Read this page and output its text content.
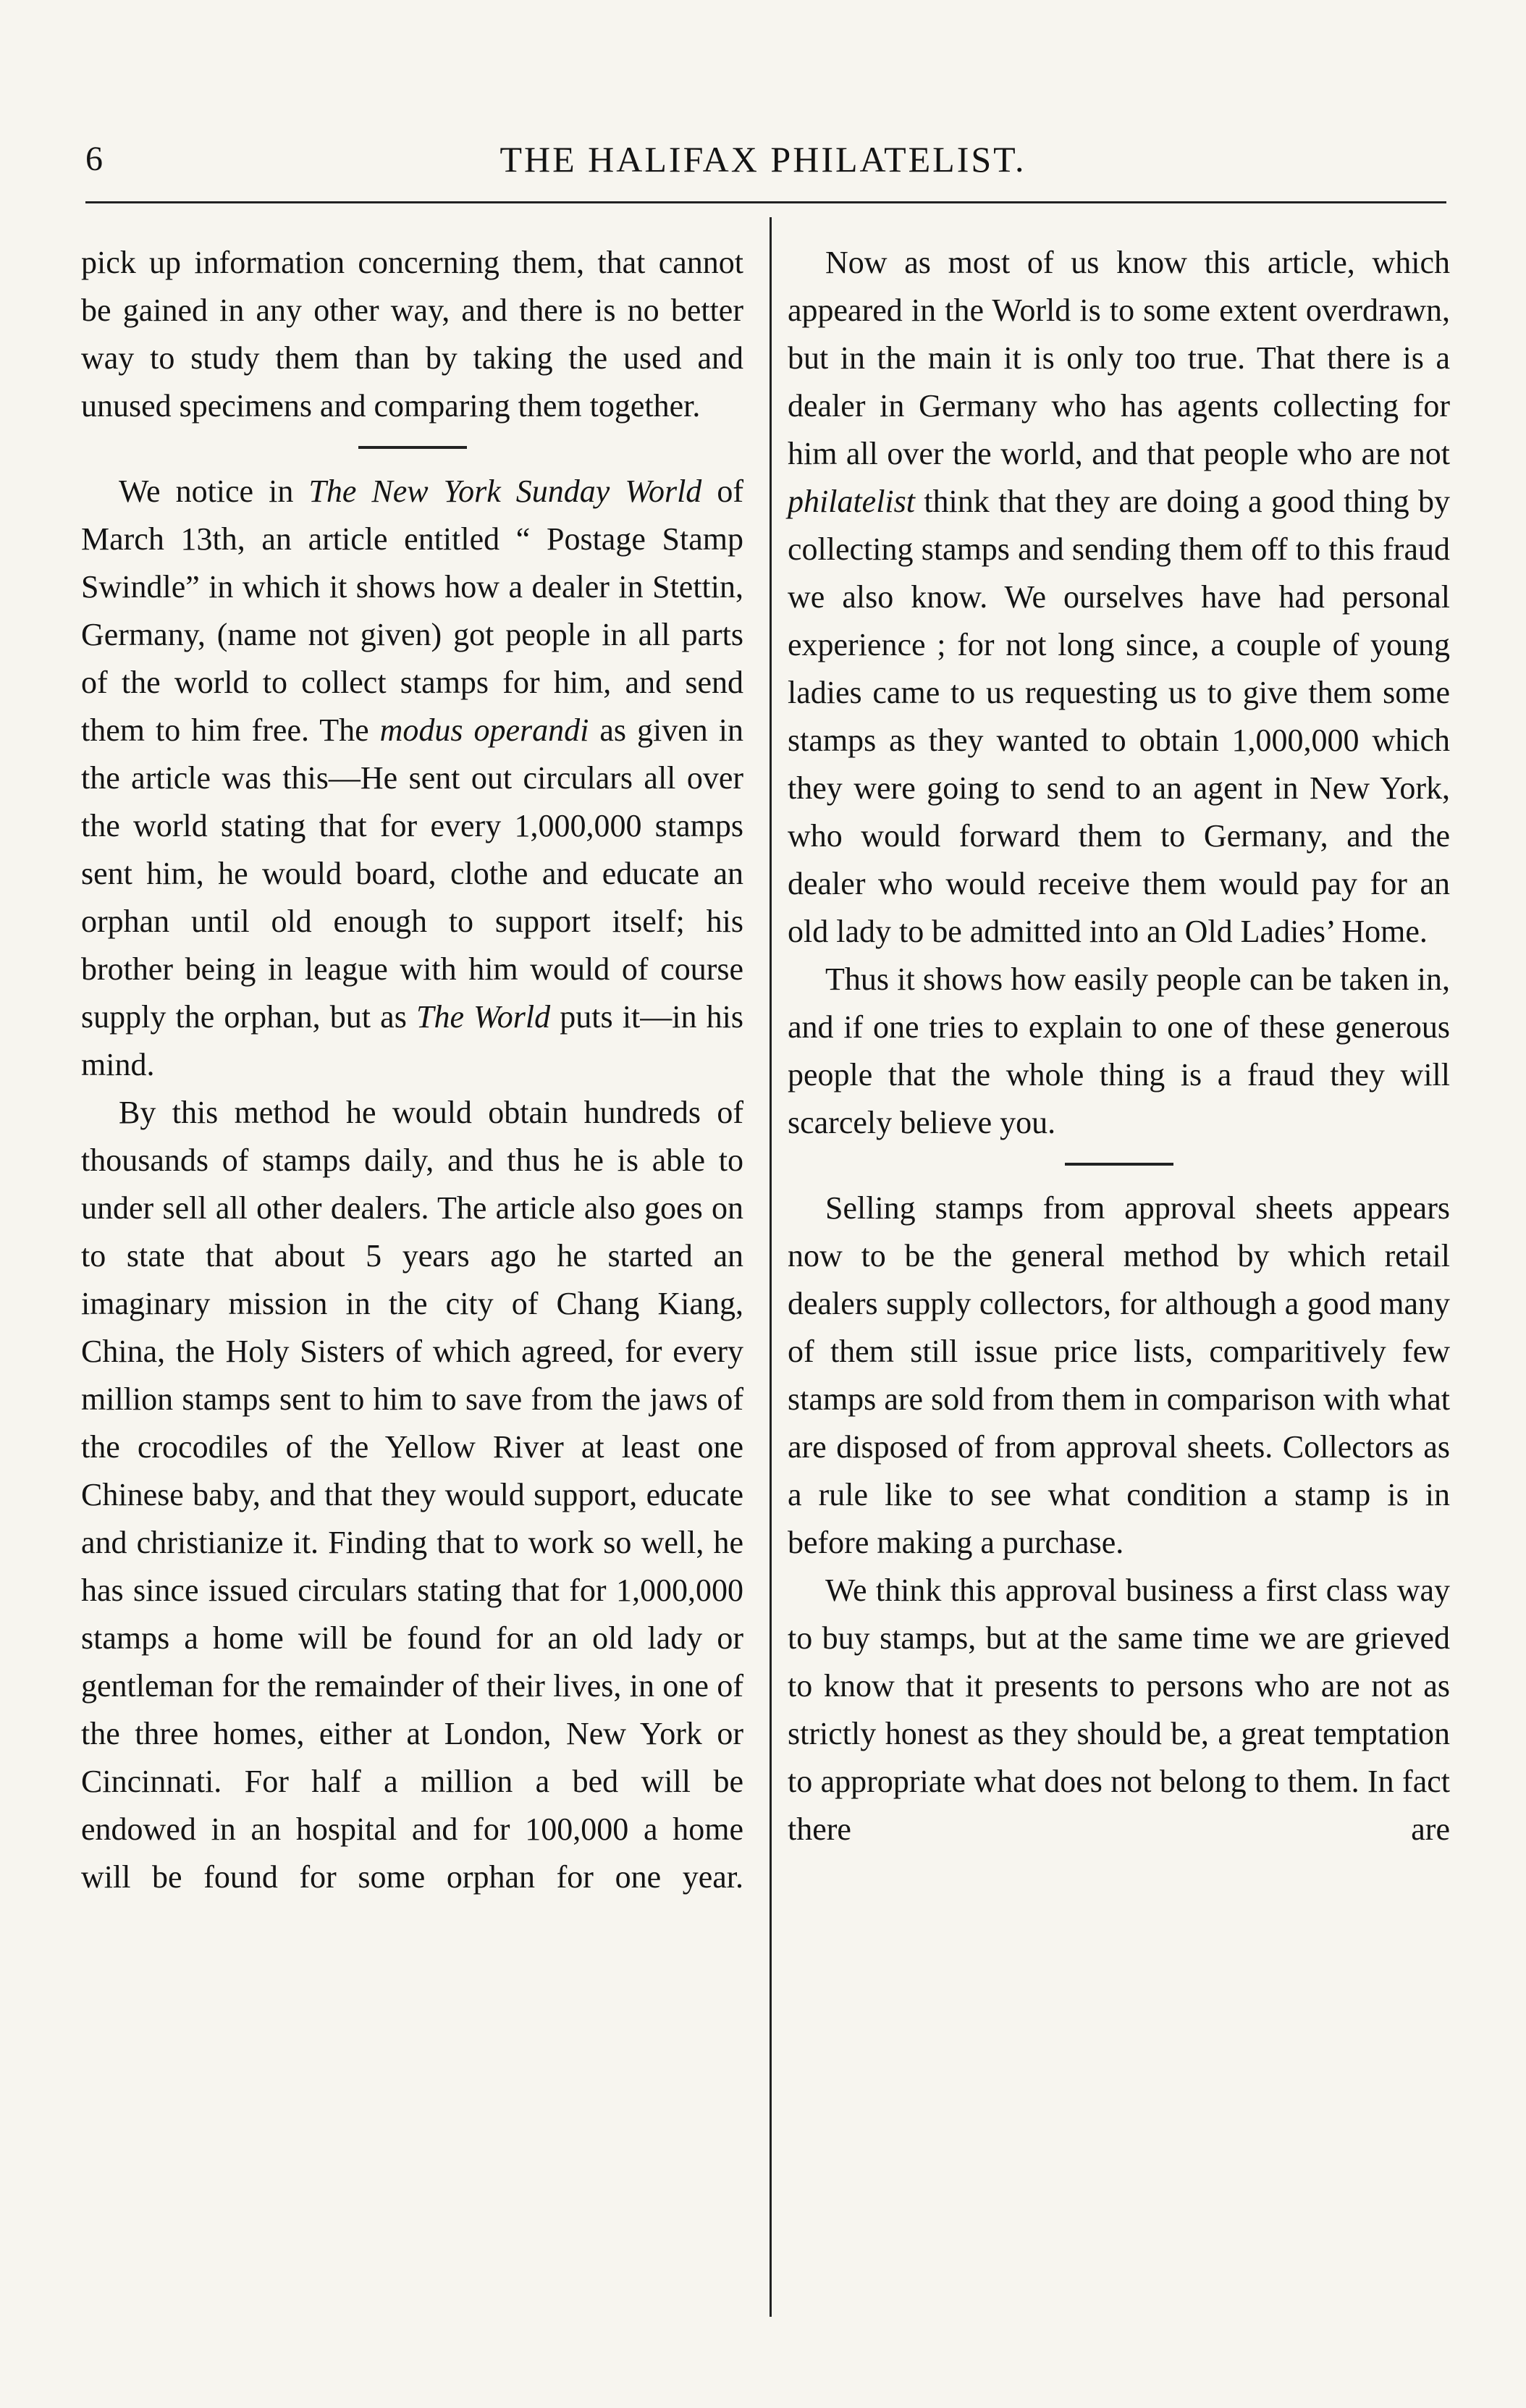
6	THE HALIFAX PHILATELIST.

pick up information concerning them, that cannot be gained in any other way, and there is no better way to study them than by taking the used and unused specimens and comparing them together.

We notice in The New York Sunday World of March 13th, an article entitled “ Postage Stamp Swindle” in which it shows how a dealer in Stettin, Germany, (name not given) got people in all parts of the world to collect stamps for him, and send them to him free. The modus operandi as given in the article was this—He sent out circulars all over the world stating that for every 1,000,000 stamps sent him, he would board, clothe and educate an orphan until old enough to support itself; his brother being in league with him would of course supply the orphan, but as The World puts it—in his mind.

By this method he would obtain hundreds of thousands of stamps daily, and thus he is able to under sell all other dealers. The article also goes on to state that about 5 years ago he started an imaginary mission in the city of Chang Kiang, China, the Holy Sisters of which agreed, for every million stamps sent to him to save from the jaws of the crocodiles of the Yellow River at least one Chinese baby, and that they would support, educate and christianize it. Finding that to work so well, he has since issued circulars stating that for 1,000,000 stamps a home will be found for an old lady or gentleman for the remainder of their lives, in one of the three homes, either at London, New York or Cincinnati. For half a million a bed will be endowed in an hospital and for 100,000 a home will be found for some orphan for one year.

Now as most of us know this article, which appeared in the World is to some extent overdrawn, but in the main it is only too true. That there is a dealer in Germany who has agents collecting for him all over the world, and that people who are not philatelist think that they are doing a good thing by collecting stamps and sending them off to this fraud we also know. We ourselves have had personal experience ; for not long since, a couple of young ladies came to us requesting us to give them some stamps as they wanted to obtain 1,000,000 which they were going to send to an agent in New York, who would forward them to Germany, and the dealer who would receive them would pay for an old lady to be admitted into an Old Ladies’ Home.

Thus it shows how easily people can be taken in, and if one tries to explain to one of these generous people that the whole thing is a fraud they will scarcely believe you.

Selling stamps from approval sheets appears now to be the general method by which retail dealers supply collectors, for although a good many of them still issue price lists, comparitively few stamps are sold from them in comparison with what are disposed of from approval sheets. Collectors as a rule like to see what condition a stamp is in before making a purchase.

We think this approval business a first class way to buy stamps, but at the same time we are grieved to know that it presents to persons who are not as strictly honest as they should be, a great temptation to appropriate what does not belong to them. In fact there are
